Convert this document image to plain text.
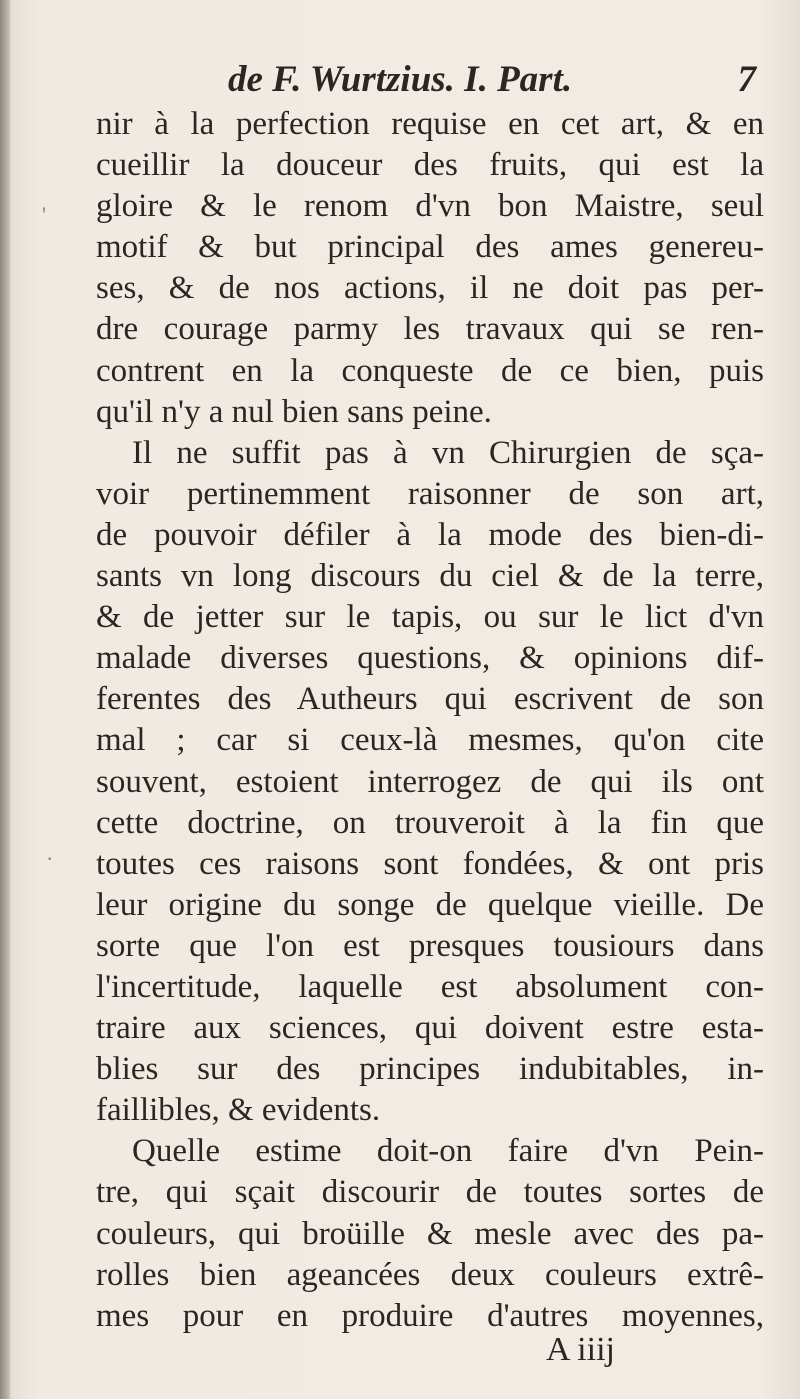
de F. Wurtzius. I. Part.	7
nir à la perfection requise en cet art, & en
cueillir la douceur des fruits, qui est la
gloire & le renom d'vn bon Maistre, seul
motif & but principal des ames genereu-
ses, & de nos actions, il ne doit pas per-
dre courage parmy les travaux qui se ren-
contrent en la conqueste de ce bien, puis
qu'il n'y a nul bien sans peine.
Il ne suffit pas à vn Chirurgien de sça-
voir pertinemment raisonner de son art,
de pouvoir défiler à la mode des bien-di-
sants vn long discours du ciel & de la terre,
& de jetter sur le tapis, ou sur le lict d'vn
malade diverses questions, & opinions dif-
ferentes des Autheurs qui escrivent de son
mal ; car si ceux-là mesmes, qu'on cite
souvent, estoient interrogez de qui ils ont
cette doctrine, on trouveroit à la fin que
toutes ces raisons sont fondées, & ont pris
leur origine du songe de quelque vieille. De
sorte que l'on est presques tousiours dans
l'incertitude, laquelle est absolument con-
traire aux sciences, qui doivent estre esta-
blies sur des principes indubitables, in-
faillibles, & evidents.
Quelle estime doit-on faire d'vn Pein-
tre, qui sçait discourir de toutes sortes de
couleurs, qui broüille & mesle avec des pa-
rolles bien ageancées deux couleurs extrê-
mes pour en produire d'autres moyennes,
A iiij
'
·
